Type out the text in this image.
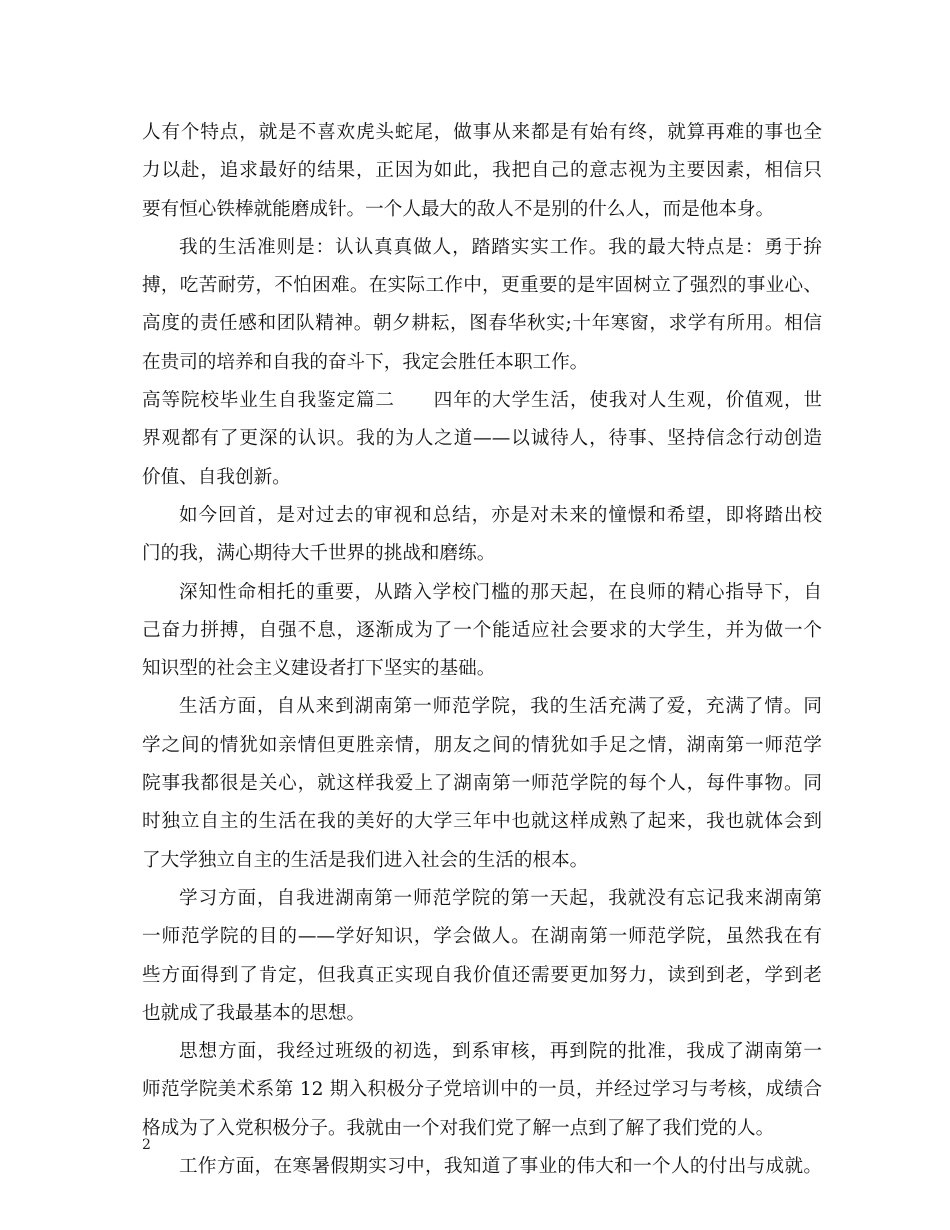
人有个特点，就是不喜欢虎头蛇尾，做事从来都是有始有终，就算再难的事也全
力以赴，追求最好的结果，正因为如此，我把自己的意志视为主要因素，相信只
要有恒心铁棒就能磨成针。一个人最大的敌人不是别的什么人，而是他本身。
我的生活准则是：认认真真做人，踏踏实实工作。我的最大特点是：勇于拚
搏，吃苦耐劳，不怕困难。在实际工作中，更重要的是牢固树立了强烈的事业心、
高度的责任感和团队精神。朝夕耕耘，图春华秋实;十年寒窗，求学有所用。相信
在贵司的培养和自我的奋斗下，我定会胜任本职工作。
高等院校毕业生自我鉴定篇二　　四年的大学生活，使我对人生观，价值观，世
界观都有了更深的认识。我的为人之道——以诚待人，待事、坚持信念行动创造
价值、自我创新。
如今回首，是对过去的审视和总结，亦是对未来的憧憬和希望，即将踏出校
门的我，满心期待大千世界的挑战和磨练。
深知性命相托的重要，从踏入学校门槛的那天起，在良师的精心指导下，自
己奋力拼搏，自强不息，逐渐成为了一个能适应社会要求的大学生，并为做一个
知识型的社会主义建设者打下坚实的基础。
生活方面，自从来到湖南第一师范学院，我的生活充满了爱，充满了情。同
学之间的情犹如亲情但更胜亲情，朋友之间的情犹如手足之情，湖南第一师范学
院事我都很是关心，就这样我爱上了湖南第一师范学院的每个人，每件事物。同
时独立自主的生活在我的美好的大学三年中也就这样成熟了起来，我也就体会到
了大学独立自主的生活是我们进入社会的生活的根本。
学习方面，自我进湖南第一师范学院的第一天起，我就没有忘记我来湖南第
一师范学院的目的——学好知识，学会做人。在湖南第一师范学院，虽然我在有
些方面得到了肯定，但我真正实现自我价值还需要更加努力，读到到老，学到老
也就成了我最基本的思想。
思想方面，我经过班级的初选，到系审核，再到院的批准，我成了湖南第一
师范学院美术系第 12 期入积极分子党培训中的一员，并经过学习与考核，成绩合
格成为了入党积极分子。我就由一个对我们党了解一点到了解了我们党的人。
工作方面，在寒暑假期实习中，我知道了事业的伟大和一个人的付出与成就。
2
